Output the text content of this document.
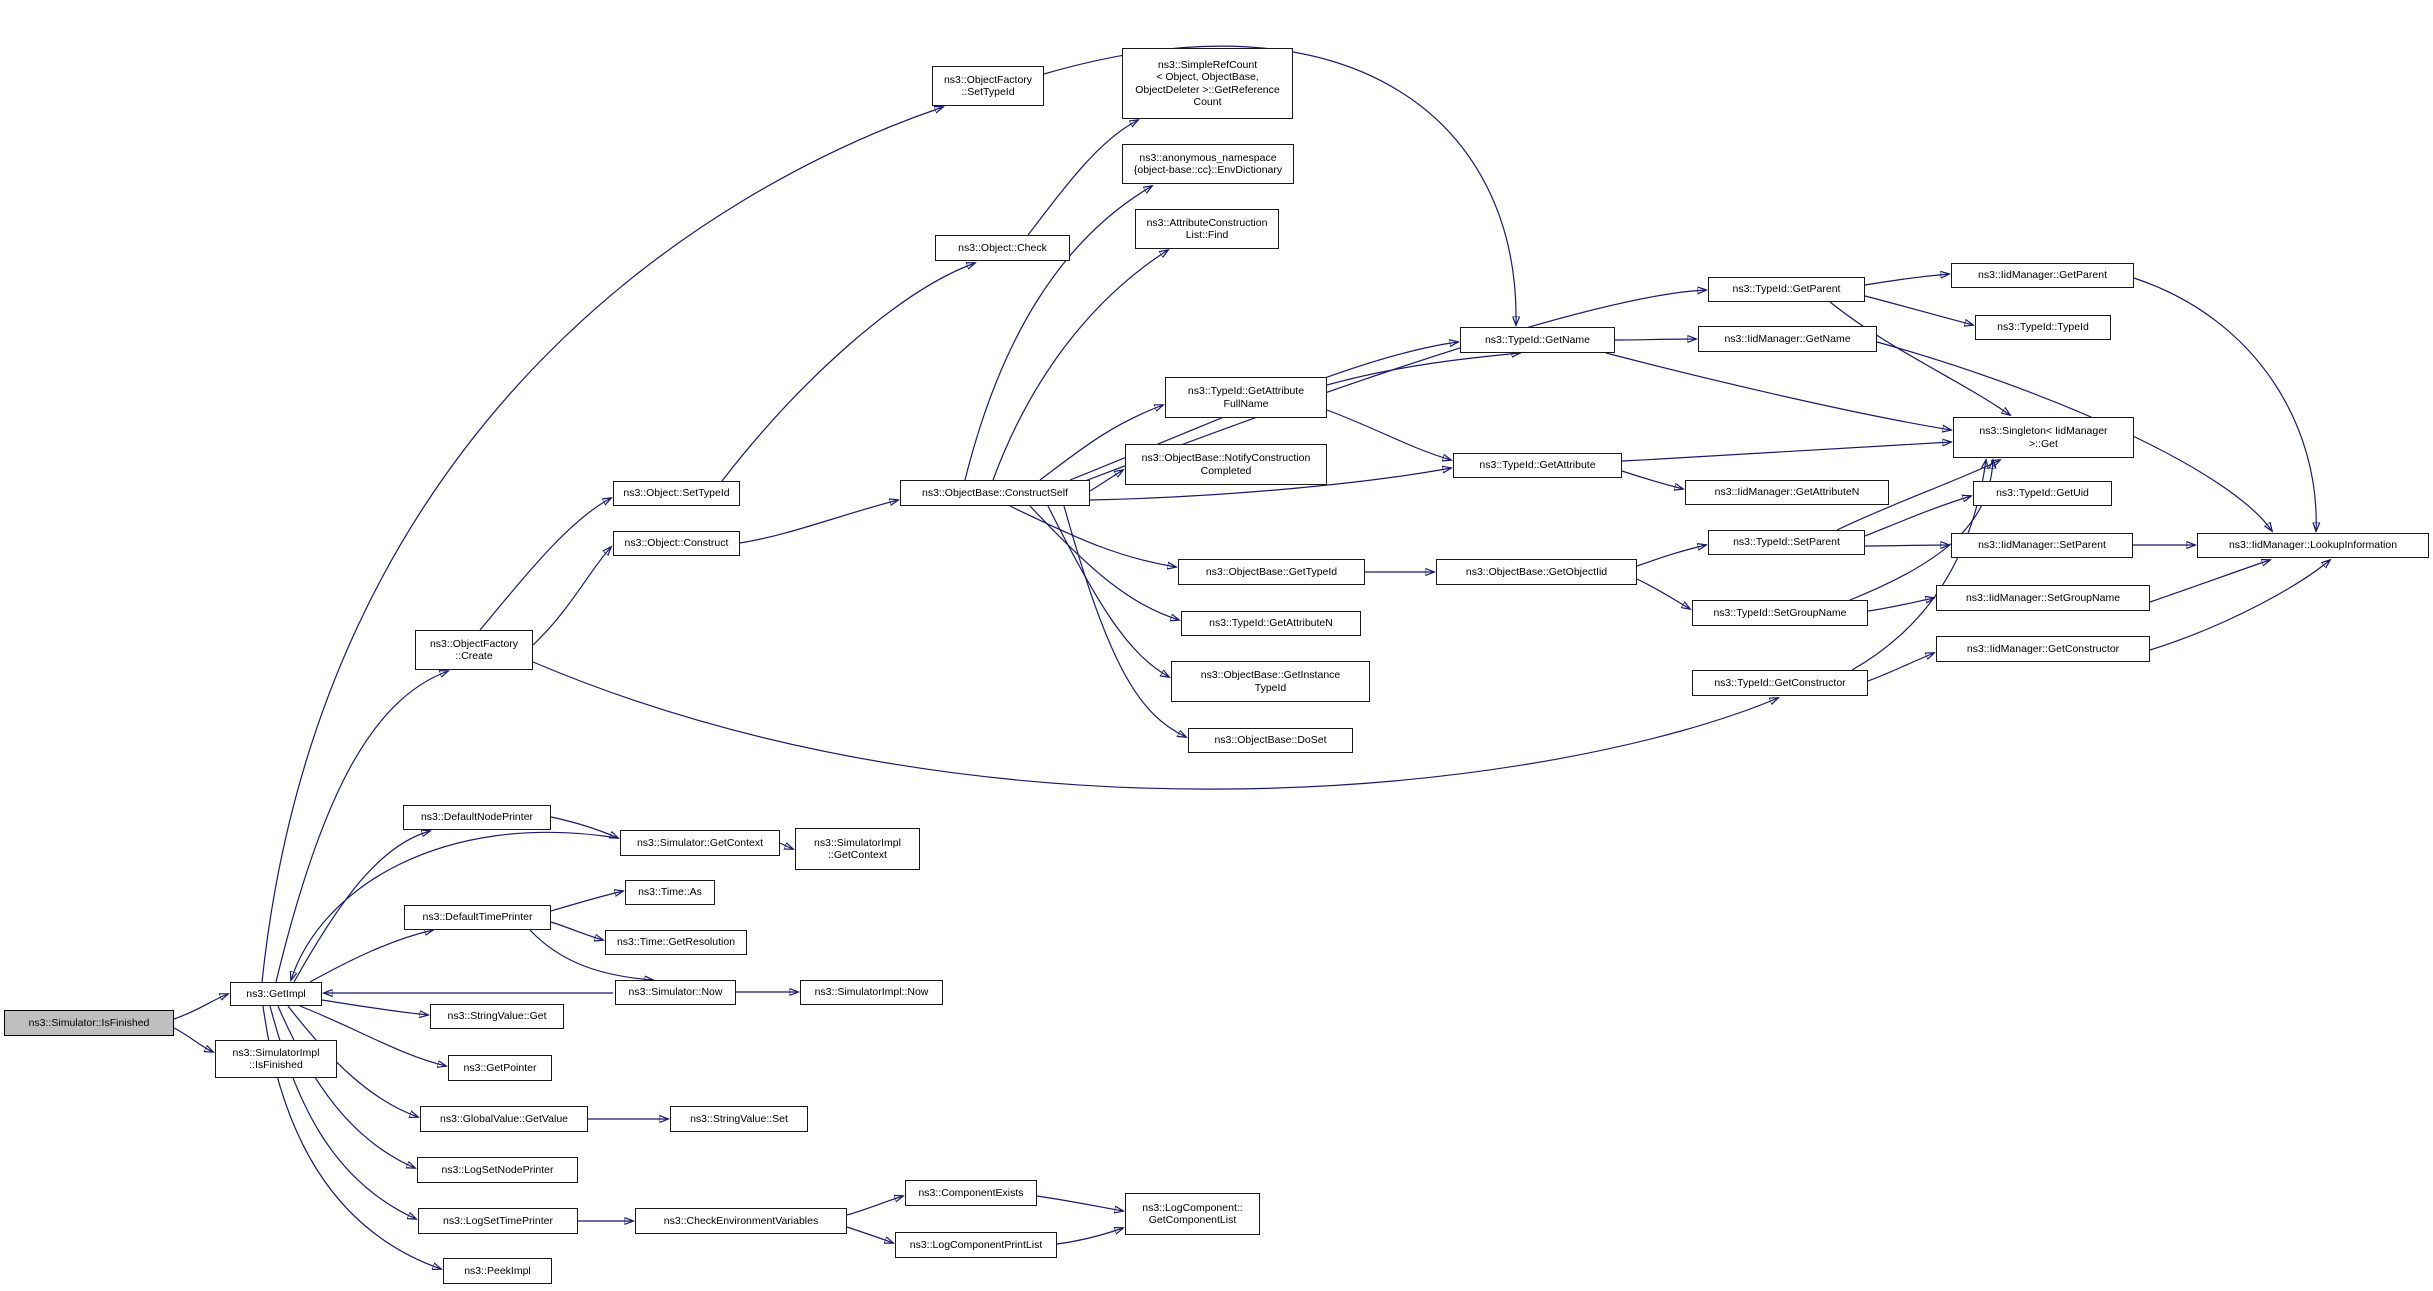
ns3::Simulator::IsFinished
ns3::GetImpl
ns3::SimulatorImpl
::IsFinished
ns3::ObjectFactory
::Create
ns3::DefaultNodePrinter
ns3::DefaultTimePrinter
ns3::StringValue::Get
ns3::GetPointer
ns3::GlobalValue::GetValue
ns3::LogSetNodePrinter
ns3::LogSetTimePrinter
ns3::PeekImpl
ns3::Object::SetTypeId
ns3::Object::Construct
ns3::Object::Check
ns3::ObjectFactory
::SetTypeId
ns3::SimpleRefCount
< Object, ObjectBase,
ObjectDeleter >::GetReference
Count
ns3::anonymous_namespace
{object-base::cc}::EnvDictionary
ns3::AttributeConstruction
List::Find
ns3::ObjectBase::ConstructSelf
ns3::TypeId::GetAttribute
FullName
ns3::ObjectBase::NotifyConstruction
Completed
ns3::TypeId::GetName	ns3::IidManager::GetName
ns3::TypeId::GetParent
ns3::IidManager::GetParent
ns3::TypeId::TypeId
ns3::Singleton< IidManager
>::Get
ns3::TypeId::GetAttribute
ns3::IidManager::GetAttributeN	ns3::TypeId::GetUid
ns3::TypeId::SetParent	ns3::IidManager::SetParent	ns3::IidManager::LookupInformation
ns3::TypeId::SetGroupName
ns3::IidManager::SetGroupName
ns3::TypeId::GetConstructor
ns3::IidManager::GetConstructor
ns3::ObjectBase::GetTypeId	ns3::ObjectBase::GetObjectIid
ns3::TypeId::GetAttributeN
ns3::ObjectBase::GetInstance
TypeId
ns3::ObjectBase::DoSet
ns3::Simulator::GetContext	ns3::SimulatorImpl
::GetContext
ns3::Time::As
ns3::Time::GetResolution
ns3::Simulator::Now	ns3::SimulatorImpl::Now
ns3::StringValue::Set
ns3::CheckEnvironmentVariables
ns3::ComponentExists
ns3::LogComponentPrintList
ns3::LogComponent::
GetComponentList
